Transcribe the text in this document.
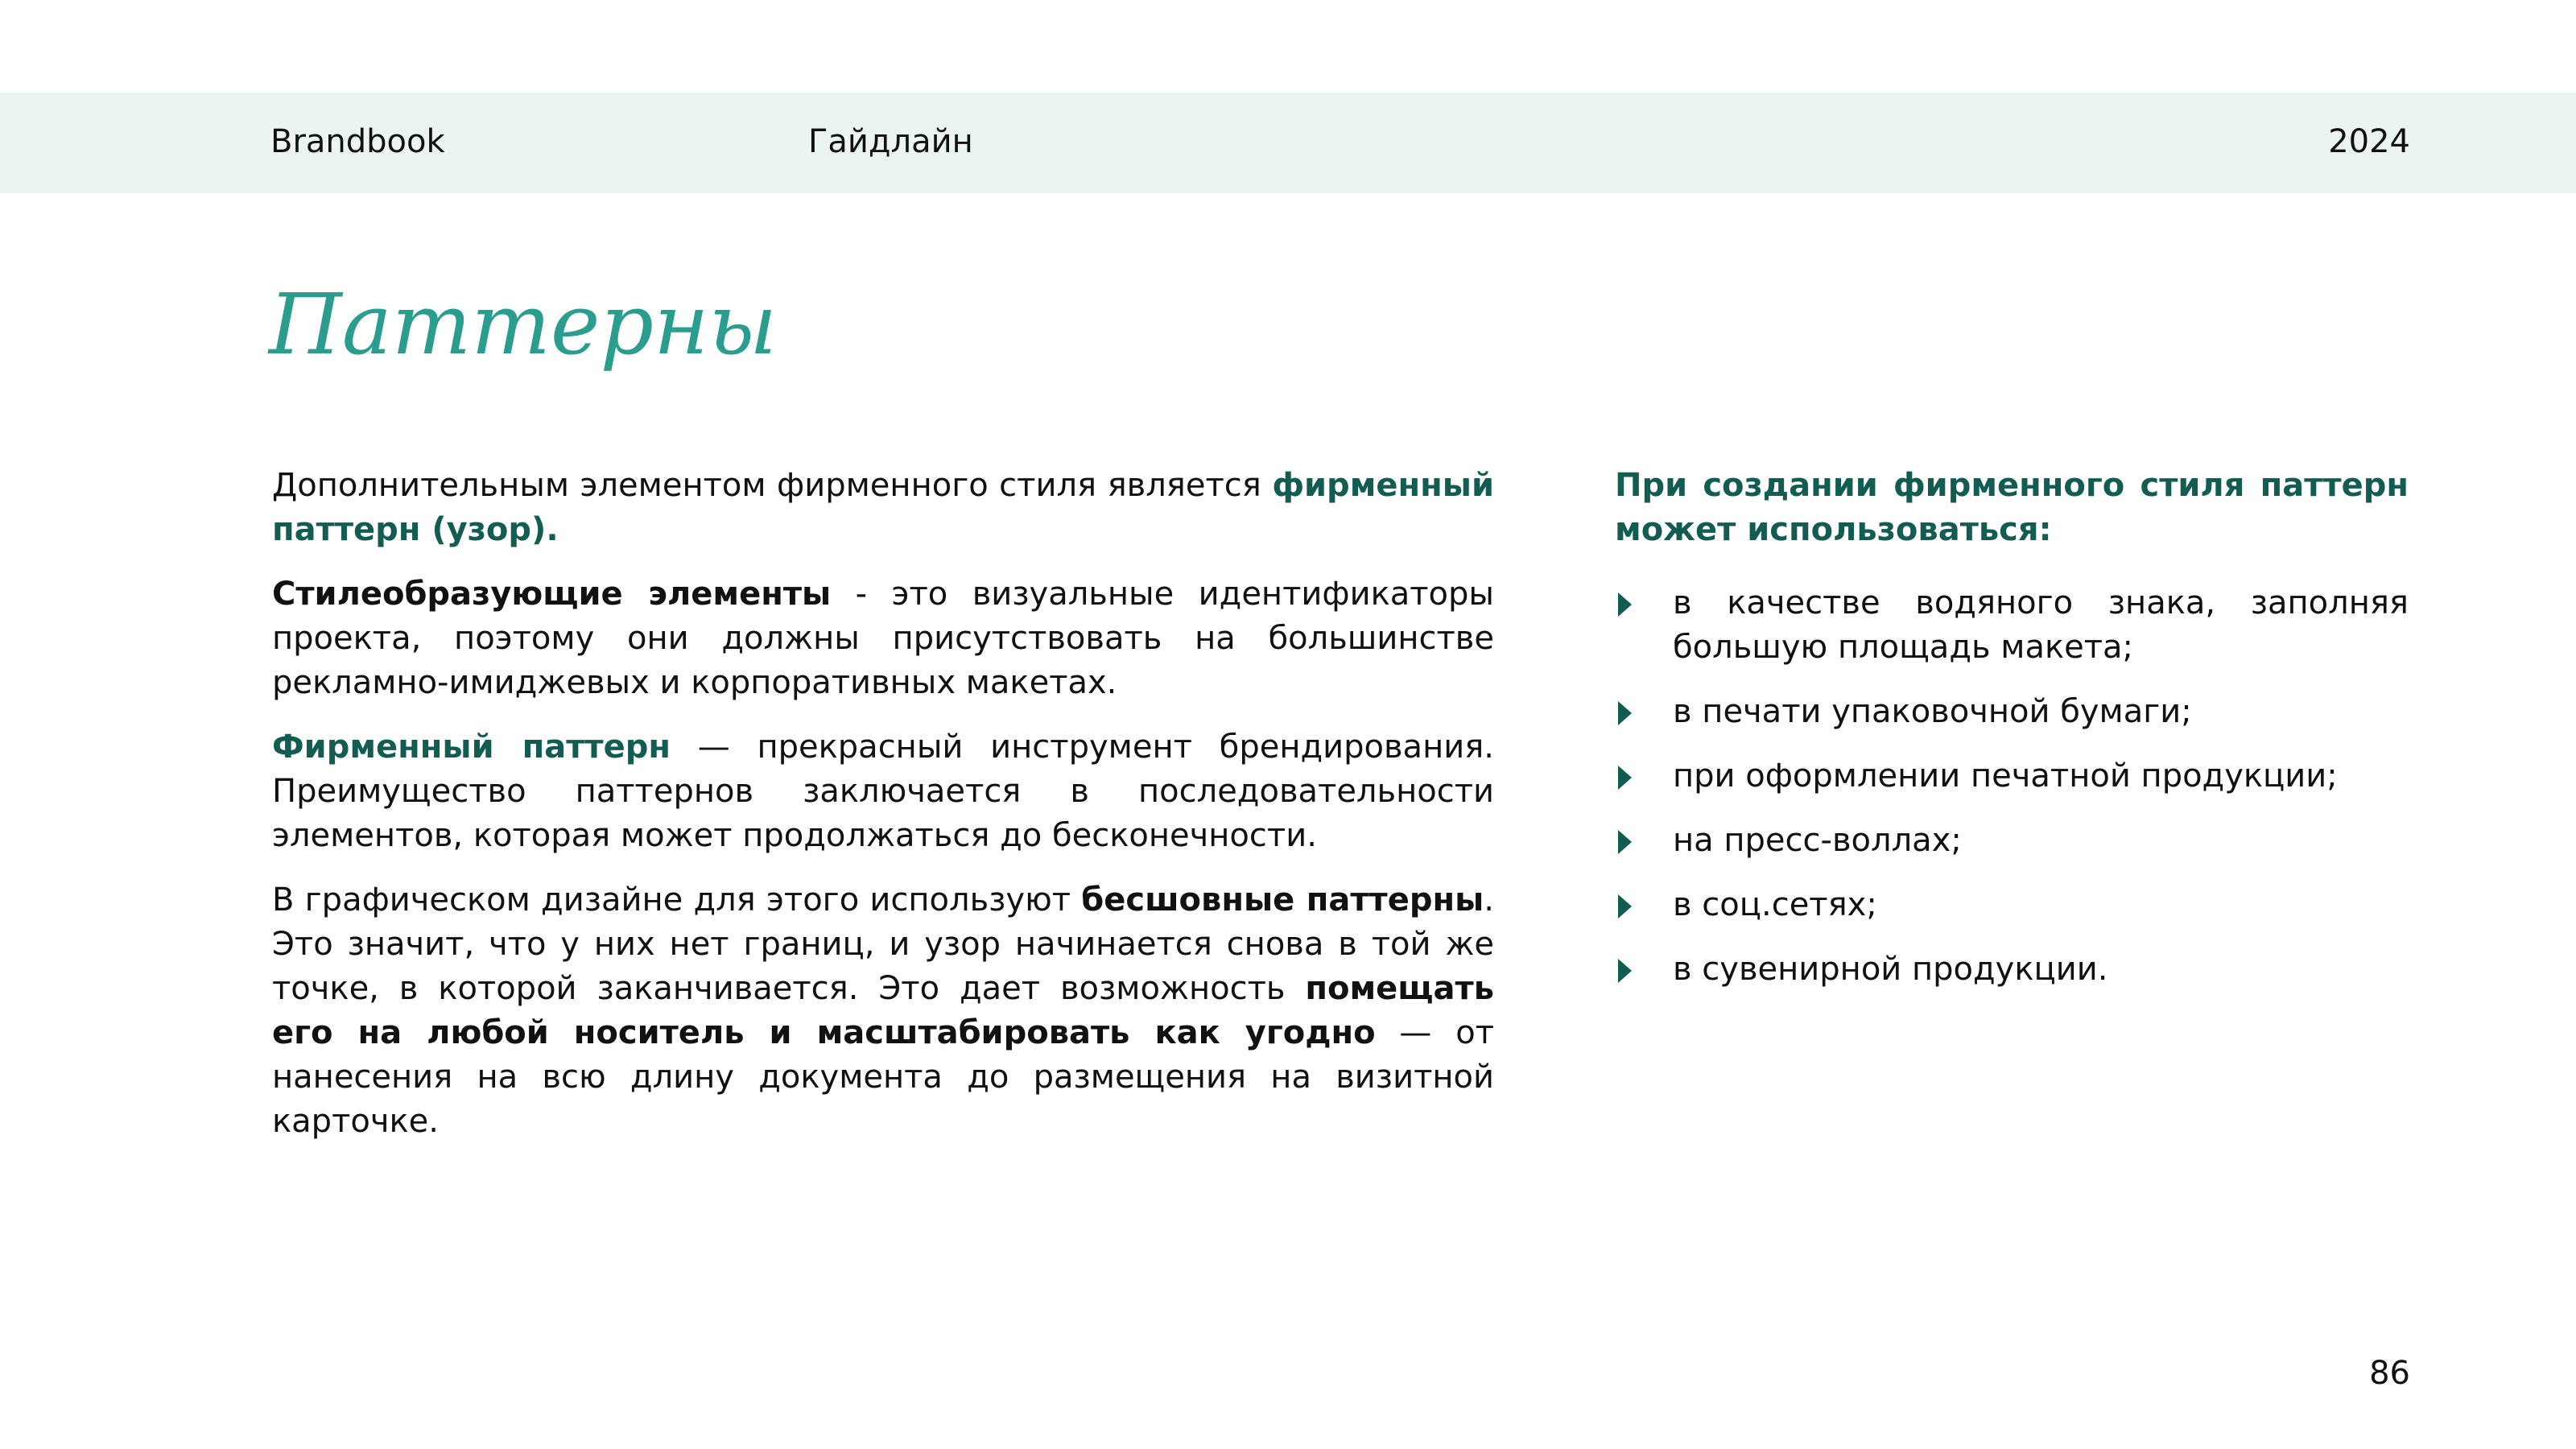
Brandbook	Гайдлайн	2024
Паттерны

Дополнительным элементом фирменного стиля является фирменный паттерн (узор).

Стилеобразующие элементы - это визуальные идентификаторы проекта, поэтому они должны присутствовать на большинстве рекламно-имиджевых и корпоративных макетах.

Фирменный паттерн — прекрасный инструмент брендирования. Преимущество паттернов заключается в последовательности элементов, которая может продолжаться до бесконечности.

В графическом дизайне для этого используют бесшовные паттерны. Это значит, что у них нет границ, и узор начинается снова в той же точке, в которой заканчивается. Это дает возможность помещать его на любой носитель и масштабировать как угодно — от нанесения на всю длину документа до размещения на визитной карточке.

При создании фирменного стиля паттерн может использоваться:

в качестве водяного знака, заполняя большую площадь макета;
в печати упаковочной бумаги;
при оформлении печатной продукции;
на пресс-воллах;
в соц.сетях;
в сувенирной продукции.
86
